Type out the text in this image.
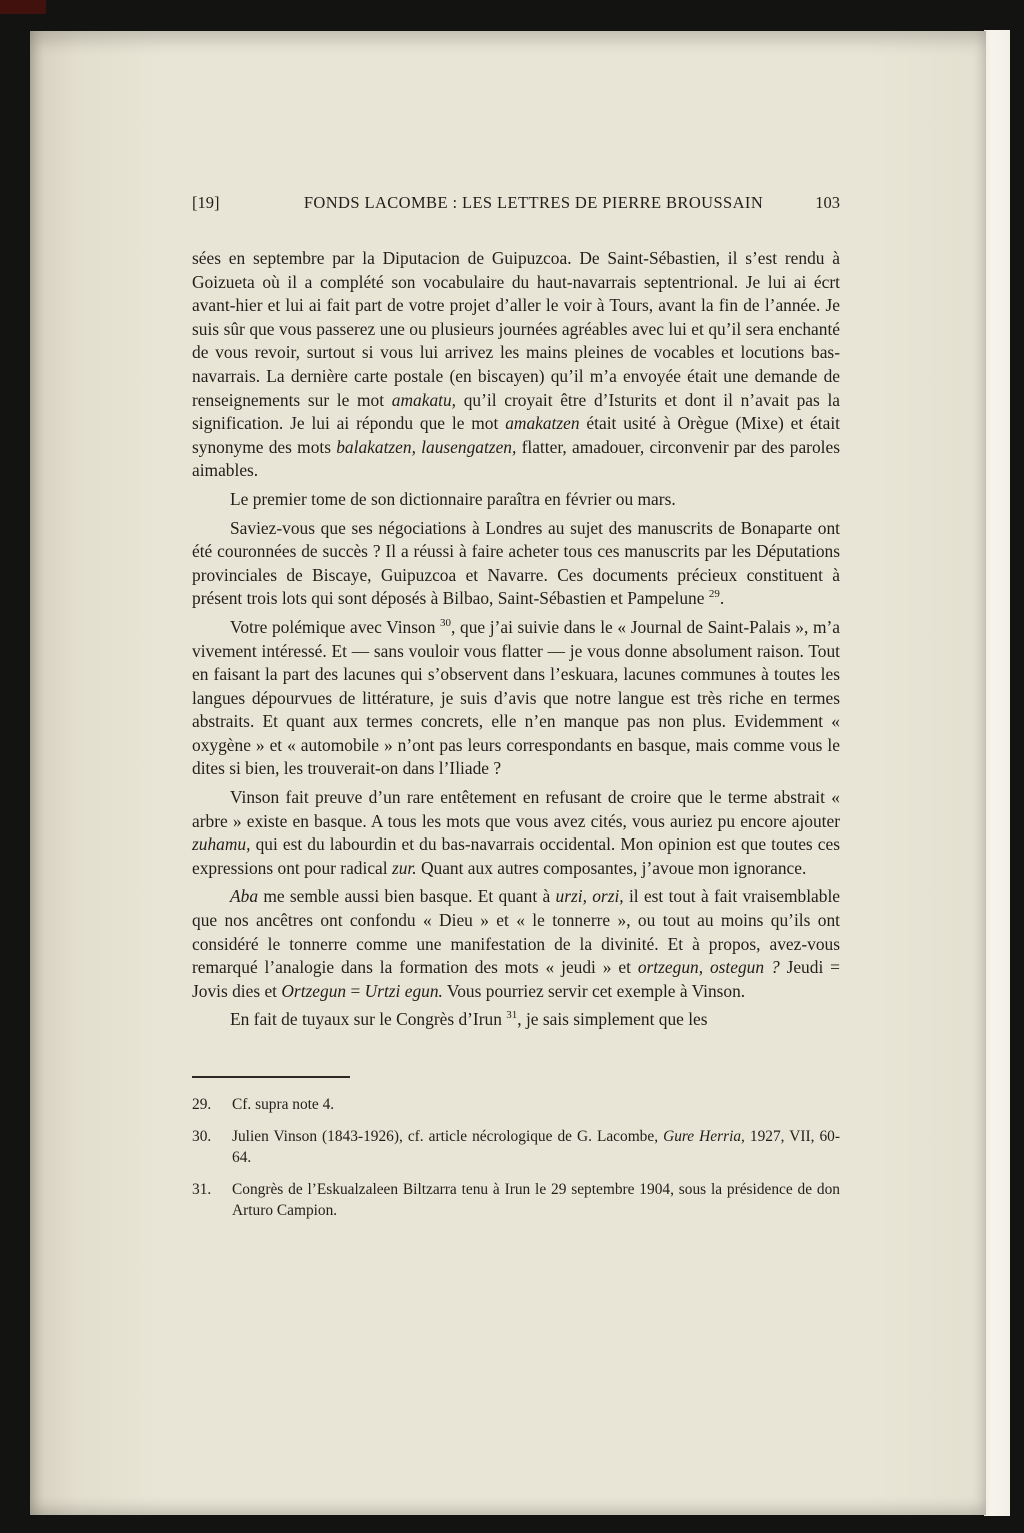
[19]	FONDS LACOMBE : LES LETTRES DE PIERRE BROUSSAIN	103

sées en septembre par la Diputacion de Guipuzcoa. De Saint-Sébastien, il s’est rendu à Goizueta où il a complété son vocabulaire du haut-navarrais septentrional. Je lui ai écrt avant-hier et lui ai fait part de votre projet d’aller le voir à Tours, avant la fin de l’année. Je suis sûr que vous passerez une ou plusieurs journées agréables avec lui et qu’il sera enchanté de vous revoir, surtout si vous lui arrivez les mains pleines de vocables et locutions bas-navarrais. La dernière carte postale (en biscayen) qu’il m’a envoyée était une demande de renseignements sur le mot amakatu, qu’il croyait être d’Isturits et dont il n’avait pas la signification. Je lui ai répondu que le mot amakatzen était usité à Orègue (Mixe) et était synonyme des mots balakatzen, lausengatzen, flatter, amadouer, circonvenir par des paroles aimables.

Le premier tome de son dictionnaire paraîtra en février ou mars.

Saviez-vous que ses négociations à Londres au sujet des manuscrits de Bonaparte ont été couronnées de succès ? Il a réussi à faire acheter tous ces manuscrits par les Députations provinciales de Biscaye, Guipuzcoa et Navarre. Ces documents précieux constituent à présent trois lots qui sont déposés à Bilbao, Saint-Sébastien et Pampelune $^{29}$.

Votre polémique avec Vinson $^{30}$, que j’ai suivie dans le « Journal de Saint-Palais », m’a vivement intéressé. Et — sans vouloir vous flatter — je vous donne absolument raison. Tout en faisant la part des lacunes qui s’observent dans l’eskuara, lacunes communes à toutes les langues dépourvues de littérature, je suis d’avis que notre langue est très riche en termes abstraits. Et quant aux termes concrets, elle n’en manque pas non plus. Evidemment « oxygène » et « automobile » n’ont pas leurs correspondants en basque, mais comme vous le dites si bien, les trouverait-on dans l’Iliade ?

Vinson fait preuve d’un rare entêtement en refusant de croire que le terme abstrait « arbre » existe en basque. A tous les mots que vous avez cités, vous auriez pu encore ajouter zuhamu, qui est du labourdin et du bas-navarrais occidental. Mon opinion est que toutes ces expressions ont pour radical zur. Quant aux autres composantes, j’avoue mon ignorance.

Aba me semble aussi bien basque. Et quant à urzi, orzi, il est tout à fait vraisemblable que nos ancêtres ont confondu « Dieu » et « le tonnerre », ou tout au moins qu’ils ont considéré le tonnerre comme une manifestation de la divinité. Et à propos, avez-vous remarqué l’analogie dans la formation des mots « jeudi » et ortzegun, ostegun ? Jeudi = Jovis dies et Ortzegun = Urtzi egun. Vous pourriez servir cet exemple à Vinson.

En fait de tuyaux sur le Congrès d’Irun $^{31}$, je sais simplement que les

29.	Cf. supra note 4.
30.	Julien Vinson (1843-1926), cf. article nécrologique de G. Lacombe, Gure Herria, 1927, VII, 60-64.
31.	Congrès de l’Eskualzaleen Biltzarra tenu à Irun le 29 septembre 1904, sous la présidence de don Arturo Campion.
